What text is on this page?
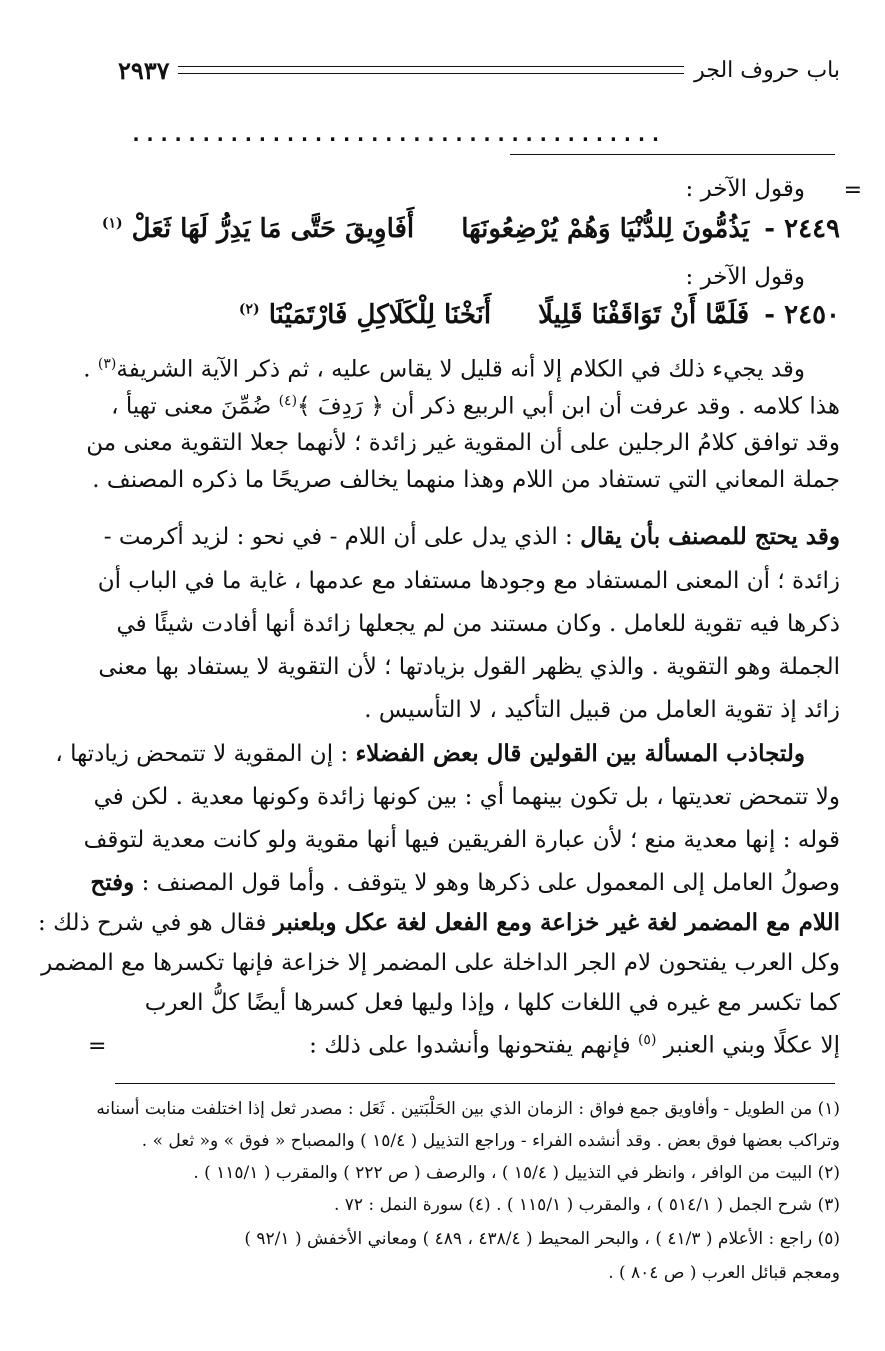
باب حروف الجر
٢٩٣٧
......................................
=
وقول الآخر :
٢٤٤٩ - يَذُمُّونَ لِلدُّنْيَا وَهُمْ يُرْضِعُونَهَا أَفَاوِيقَ حَتَّى مَا يَدِرُّ لَهَا ثَعَلْ $^{(١)}$
وقول الآخر :
٢٤٥٠ - فَلَمَّا أَنْ تَوَاقَفْنَا قَلِيلًا أَنَخْنَا لِلْكَلَاكِلِ فَارْتَمَيْنَا $^{(٢)}$
وقد يجيء ذلك في الكلام إلا أنه قليل لا يقاس عليه ، ثم ذكر الآية الشريفة$^{(٣)}$ .
هذا كلامه . وقد عرفت أن ابن أبي الربيع ذكر أن ﴿ رَدِفَ ﴾$^{(٤)}$ ضُمِّنَ معنى تهيأ ،
وقد توافق كلامُ الرجلين على أن المقوية غير زائدة ؛ لأنهما جعلا التقوية معنى من
جملة المعاني التي تستفاد من اللام وهذا منهما يخالف صريحًا ما ذكره المصنف .
وقد يحتج للمصنف بأن يقال : الذي يدل على أن اللام - في نحو : لزيد أكرمت -
زائدة ؛ أن المعنى المستفاد مع وجودها مستفاد مع عدمها ، غاية ما في الباب أن
ذكرها فيه تقوية للعامل . وكان مستند من لم يجعلها زائدة أنها أفادت شيئًا في
الجملة وهو التقوية . والذي يظهر القول بزيادتها ؛ لأن التقوية لا يستفاد بها معنى
زائد إذ تقوية العامل من قبيل التأكيد ، لا التأسيس .
ولتجاذب المسألة بين القولين قال بعض الفضلاء : إن المقوية لا تتمحض زيادتها ،
ولا تتمحض تعديتها ، بل تكون بينهما أي : بين كونها زائدة وكونها معدية . لكن في
قوله : إنها معدية منع ؛ لأن عبارة الفريقين فيها أنها مقوية ولو كانت معدية لتوقف
وصولُ العامل إلى المعمول على ذكرها وهو لا يتوقف . وأما قول المصنف : وفتح
اللام مع المضمر لغة غير خزاعة ومع الفعل لغة عكل وبلعنبر فقال هو في شرح ذلك :
وكل العرب يفتحون لام الجر الداخلة على المضمر إلا خزاعة فإنها تكسرها مع المضمر
كما تكسر مع غيره في اللغات كلها ، وإذا وليها فعل كسرها أيضًا كلُّ العرب
إلا عكلًا وبني العنبر $^{(٥)}$ فإنهم يفتحونها وأنشدوا على ذلك :
=
(١) من الطويل - وأفاويق جمع فواق : الزمان الذي بين الحَلْبَتين . ثَعَل : مصدر ثعل إذا اختلفت منابت أسنانه
وتراكب بعضها فوق بعض . وقد أنشده الفراء - وراجع التذييل ( ١٥/٤ ) والمصباح « فوق » و« ثعل » .
(٢) البيت من الوافر ، وانظر في التذييل ( ١٥/٤ ) ، والرصف ( ص ٢٢٢ ) والمقرب ( ١١٥/١ ) .
(٣) شرح الجمل ( ٥١٤/١ ) ، والمقرب ( ١١٥/١ ) . (٤) سورة النمل : ٧٢ .
(٥) راجع : الأعلام ( ٤١/٣ ) ، والبحر المحيط ( ٤٣٨/٤ ، ٤٨٩ ) ومعاني الأخفش ( ٩٢/١ )
ومعجم قبائل العرب ( ص ٨٠٤ ) .
